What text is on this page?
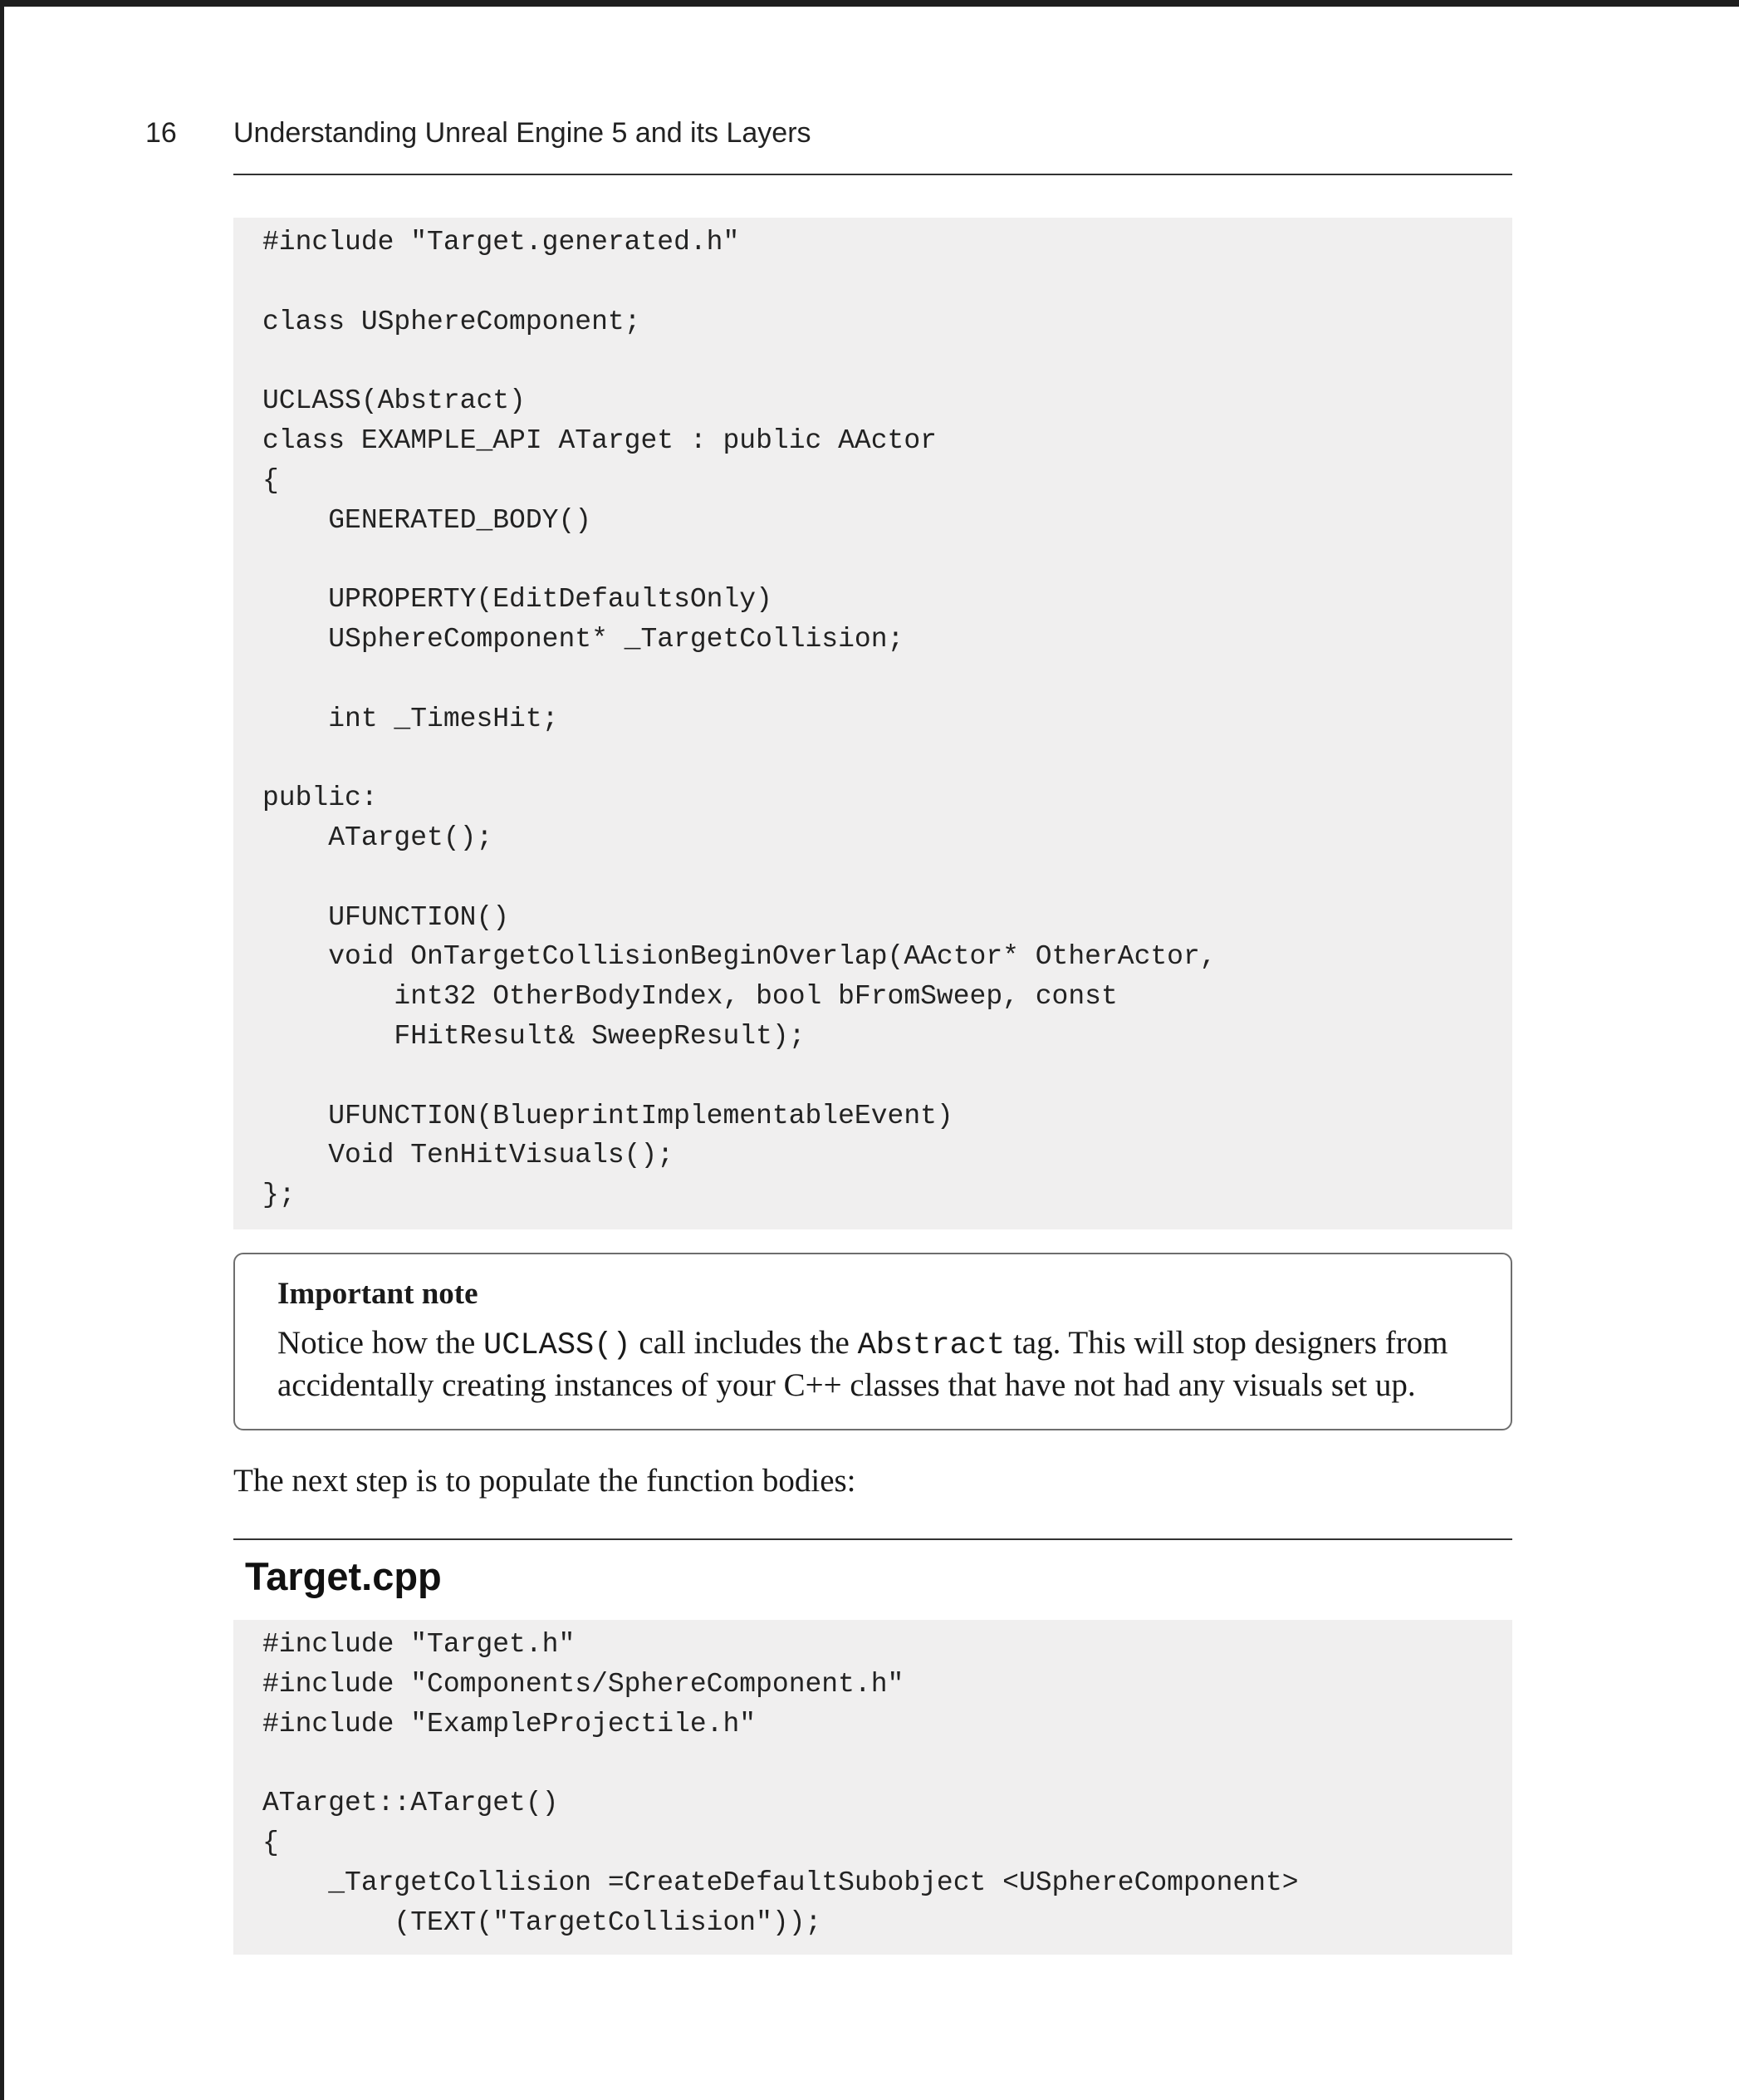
16 Understanding Unreal Engine 5 and its Layers
#include "Target.generated.h"
class USphereComponent;
UCLASS(Abstract)
class EXAMPLE_API ATarget : public AActor
{
GENERATED_BODY()
UPROPERTY(EditDefaultsOnly)
USphereComponent* _TargetCollision;
int _TimesHit;
public:
ATarget();
UFUNCTION()
void OnTargetCollisionBeginOverlap(AActor* OtherActor,
int32 OtherBodyIndex, bool bFromSweep, const
FHitResult& SweepResult);
UFUNCTION(BlueprintImplementableEvent)
Void TenHitVisuals();
};
Important note
Notice how the UCLASS() call includes the Abstract tag. This will stop designers from accidentally creating instances of your C++ classes that have not had any visuals set up.
The next step is to populate the function bodies:
Target.cpp
#include "Target.h"
#include "Components/SphereComponent.h"
#include "ExampleProjectile.h"
ATarget::ATarget()
{
_TargetCollision =CreateDefaultSubobject <USphereComponent>
(TEXT("TargetCollision"));
